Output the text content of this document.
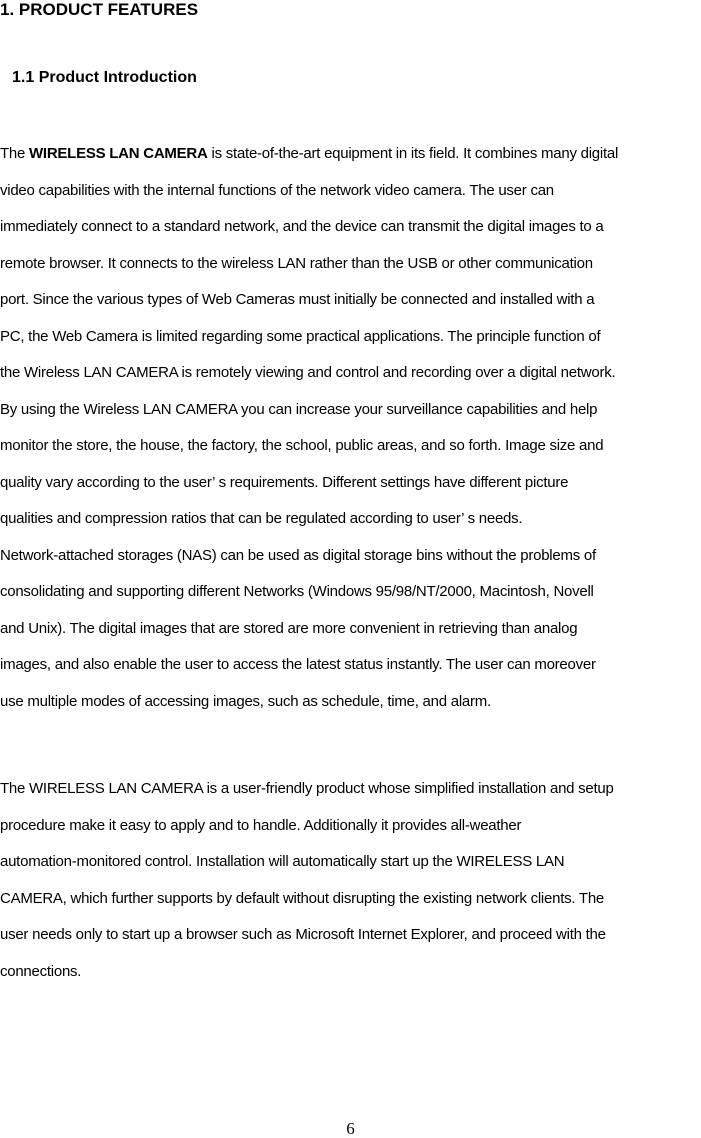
1. PRODUCT FEATURES
1.1 Product Introduction
The WIRELESS LAN CAMERA is state-of-the-art equipment in its field. It combines many digital
video capabilities with the internal functions of the network video camera. The user can
immediately connect to a standard network, and the device can transmit the digital images to a
remote browser. It connects to the wireless LAN rather than the USB or other communication
port. Since the various types of Web Cameras must initially be connected and installed with a
PC, the Web Camera is limited regarding some practical applications. The principle function of
the Wireless LAN CAMERA is remotely viewing and control and recording over a digital network.
By using the Wireless LAN CAMERA you can increase your surveillance capabilities and help
monitor the store, the house, the factory, the school, public areas, and so forth. Image size and
quality vary according to the user’ s requirements. Different settings have different picture
qualities and compression ratios that can be regulated according to user’ s needs.
Network-attached storages (NAS) can be used as digital storage bins without the problems of
consolidating and supporting different Networks (Windows 95/98/NT/2000, Macintosh, Novell
and Unix). The digital images that are stored are more convenient in retrieving than analog
images, and also enable the user to access the latest status instantly. The user can moreover
use multiple modes of accessing images, such as schedule, time, and alarm.
The WIRELESS LAN CAMERA is a user-friendly product whose simplified installation and setup
procedure make it easy to apply and to handle. Additionally it provides all-weather
automation-monitored control. Installation will automatically start up the WIRELESS LAN
CAMERA, which further supports by default without disrupting the existing network clients. The
user needs only to start up a browser such as Microsoft Internet Explorer, and proceed with the
connections.

6
